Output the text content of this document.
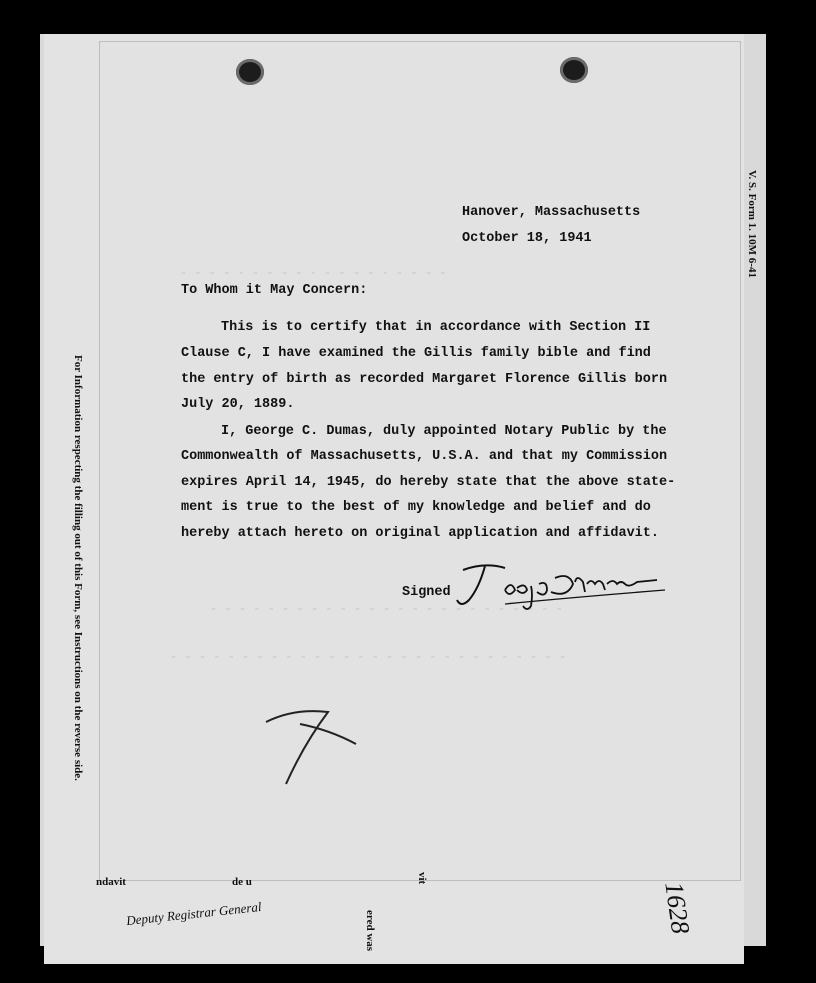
For Information respecting the filling out of this Form, see Instructions on the reverse side.
V. S. Form 1. 10M 6-41
- - - - - - - - - - - - - - - - - - -
- - - - - - - - - - - - - - - - - - - - - - - - -
- - - - - - - - - - - - - - - - - - - - - - - - - - - -
Hanover, Massachusetts
October 18, 1941
To Whom it May Concern:
This is to certify that in accordance with Section II
Clause C, I have examined the Gillis family bible and find
the entry of birth as recorded Margaret Florence Gillis born
July 20, 1889.
I, George C. Dumas, duly appointed Notary Public by the
Commonwealth of Massachusetts, U.S.A. and that my Commission
expires April 14, 1945, do hereby state that the above state-
ment is true to the best of my knowledge and belief and do
hereby attach hereto on original application and affidavit.
Signed
ndavit	de u
ered was
vit
Deputy Registrar General	1628
